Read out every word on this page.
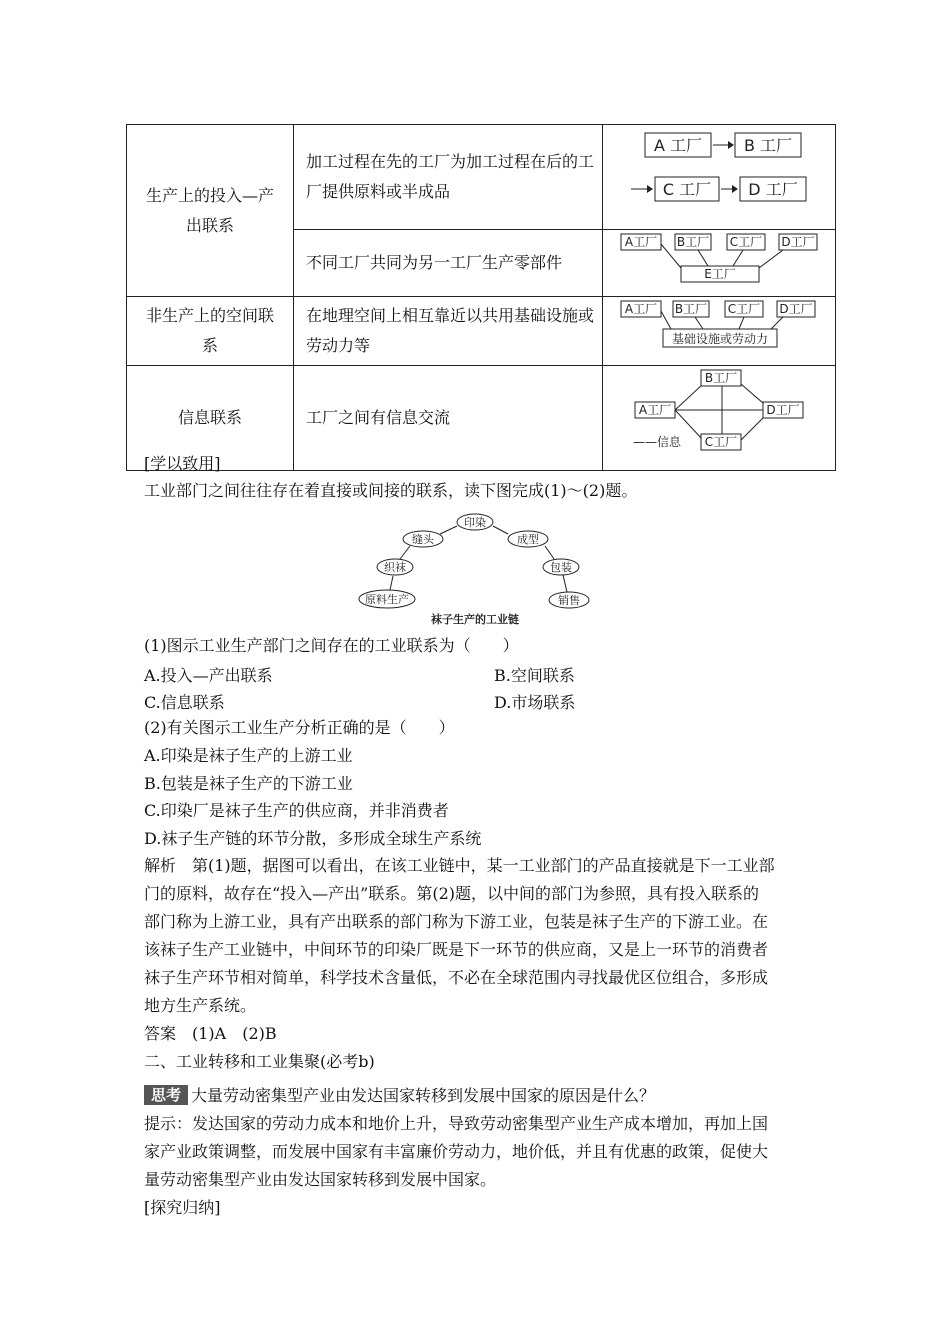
生产上的投入—产出联系	加工过程在先的工厂为加工过程在后的工厂提供原料或半成品	A 工厂 B 工厂
C 工厂 D 工厂

	不同工厂共同为另一工厂生产零部件	A工厂 B工厂 C工厂 D工厂
E工厂

非生产上的空间联系	在地理空间上相互靠近以共用基础设施或劳动力等	A工厂 B工厂 C工厂 D工厂
基础设施或劳动力

信息联系	工厂之间有信息交流	B工厂
A工厂 D工厂
C工厂
——信息
[学以致用]
工业部门之间往往存在着直接或间接的联系，读下图完成(1)～(2)题。
原料生产
织袜
缝头
印染
成型
包装
销售
袜子生产的工业链
(1)图示工业生产部门之间存在的工业联系为（　　）
A.投入—产出联系	B.空间联系
C.信息联系	D.市场联系
(2)有关图示工业生产分析正确的是（　　）
A.印染是袜子生产的上游工业
B.包装是袜子生产的下游工业
C.印染厂是袜子生产的供应商，并非消费者
D.袜子生产链的环节分散，多形成全球生产系统
解析　第(1)题，据图可以看出，在该工业链中，某一工业部门的产品直接就是下一工业部
门的原料，故存在“投入—产出”联系。第(2)题，以中间的部门为参照，具有投入联系的
部门称为上游工业，具有产出联系的部门称为下游工业，包装是袜子生产的下游工业。在
该袜子生产工业链中，中间环节的印染厂既是下一环节的供应商，又是上一环节的消费者
袜子生产环节相对简单，科学技术含量低，不必在全球范围内寻找最优区位组合，多形成
地方生产系统。
答案　(1)A　(2)B
二、工业转移和工业集聚(必考b)
思考 大量劳动密集型产业由发达国家转移到发展中国家的原因是什么？
提示：发达国家的劳动力成本和地价上升，导致劳动密集型产业生产成本增加，再加上国
家产业政策调整，而发展中国家有丰富廉价劳动力，地价低，并且有优惠的政策，促使大
量劳动密集型产业由发达国家转移到发展中国家。
[探究归纳]
